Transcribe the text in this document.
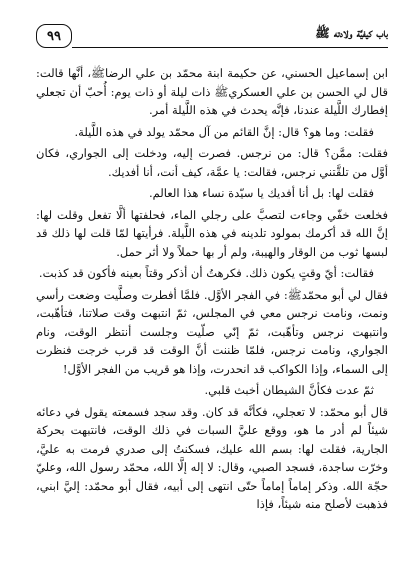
٩٩	باب كيفيَّة ولادته ﷺ

ابن إسماعيل الحسني، عن حكيمة ابنة محمّد بن علي الرضاﷺ، أنَّها قالت: قال لي الحسن بن علي العسكريﷺ ذات ليلة أو ذات يوم: أُحبّ أن تجعلي إفطارك اللَّيلة عندنا، فإنَّه يحدث في هذه اللَّيلة أمر.

فقلت: وما هو؟ قال: إنَّ القائم من آل محمّد يولد في هذه اللَّيلة.

فقلت: ممَّن؟ قال: من نرجس. فصرت إليه، ودخلت إلى الجواري، فكان أوَّل من تلقَّتني نرجس، فقالت: يا عمَّة، كيف أنت، أنا أفديك.

فقلت لها: بل أنا أفديك يا سيّدة نساء هذا العالم.

فخلعت خفّي وجاءت لتصبَّ على رجلي الماء، فحلفتها ألَّا تفعل وقلت لها: إنَّ الله قد أكرمك بمولود تلدينه في هذه اللَّيلة. فرأيتها لمّا قلت لها ذلك قد لبسها ثوب من الوقار والهيبة، ولم أر بها حملاً ولا أثر حمل.

فقالت: أيّ وقتٍ يكون ذلك. فكرهتُ أن أذكر وقتاً بعينه فأكون قد كذبت.

فقال لي أبو محمّدﷺ: في الفجر الأوَّل. فلمَّا أفطرت وصلَّيت وضعت رأسي ونمت، ونامت نرجس معي في المجلس، ثمّ انتبهت وقت صلاتنا، فتأهّبت، وانتبهت نرجس وتأهّبت، ثمّ إنّي صلّيت وجلست أنتظر الوقت، ونام الجواري، ونامت نرجس، فلمّا ظننت أنَّ الوقت قد قرب خرجت فنظرت إلى السماء، وإذا الكواكب قد انحدرت، وإذا هو قريب من الفجر الأوَّل!

ثمّ عدت فكأنَّ الشيطان أخبث قلبي.

قال أبو محمّد: لا تعجلي، فكأنَّه قد كان. وقد سجد فسمعته يقول في دعائه شيئاً لم أدر ما هو، ووقع عليَّ السبات في ذلك الوقت، فانتبهت بحركة الجارية، فقلت لها: بسم الله عليك، فسكنتُ إلى صدري فرمت به عليَّ، وخرّت ساجدة، فسجد الصبي، وقال: لا إله إلَّا الله، محمّد رسول الله، وعليّ حجّة الله. وذكر إماماً إماماً حتّى انتهى إلى أبيه، فقال أبو محمّد: إليَّ ابني، فذهبت لأصلح منه شيئاً، فإذا
